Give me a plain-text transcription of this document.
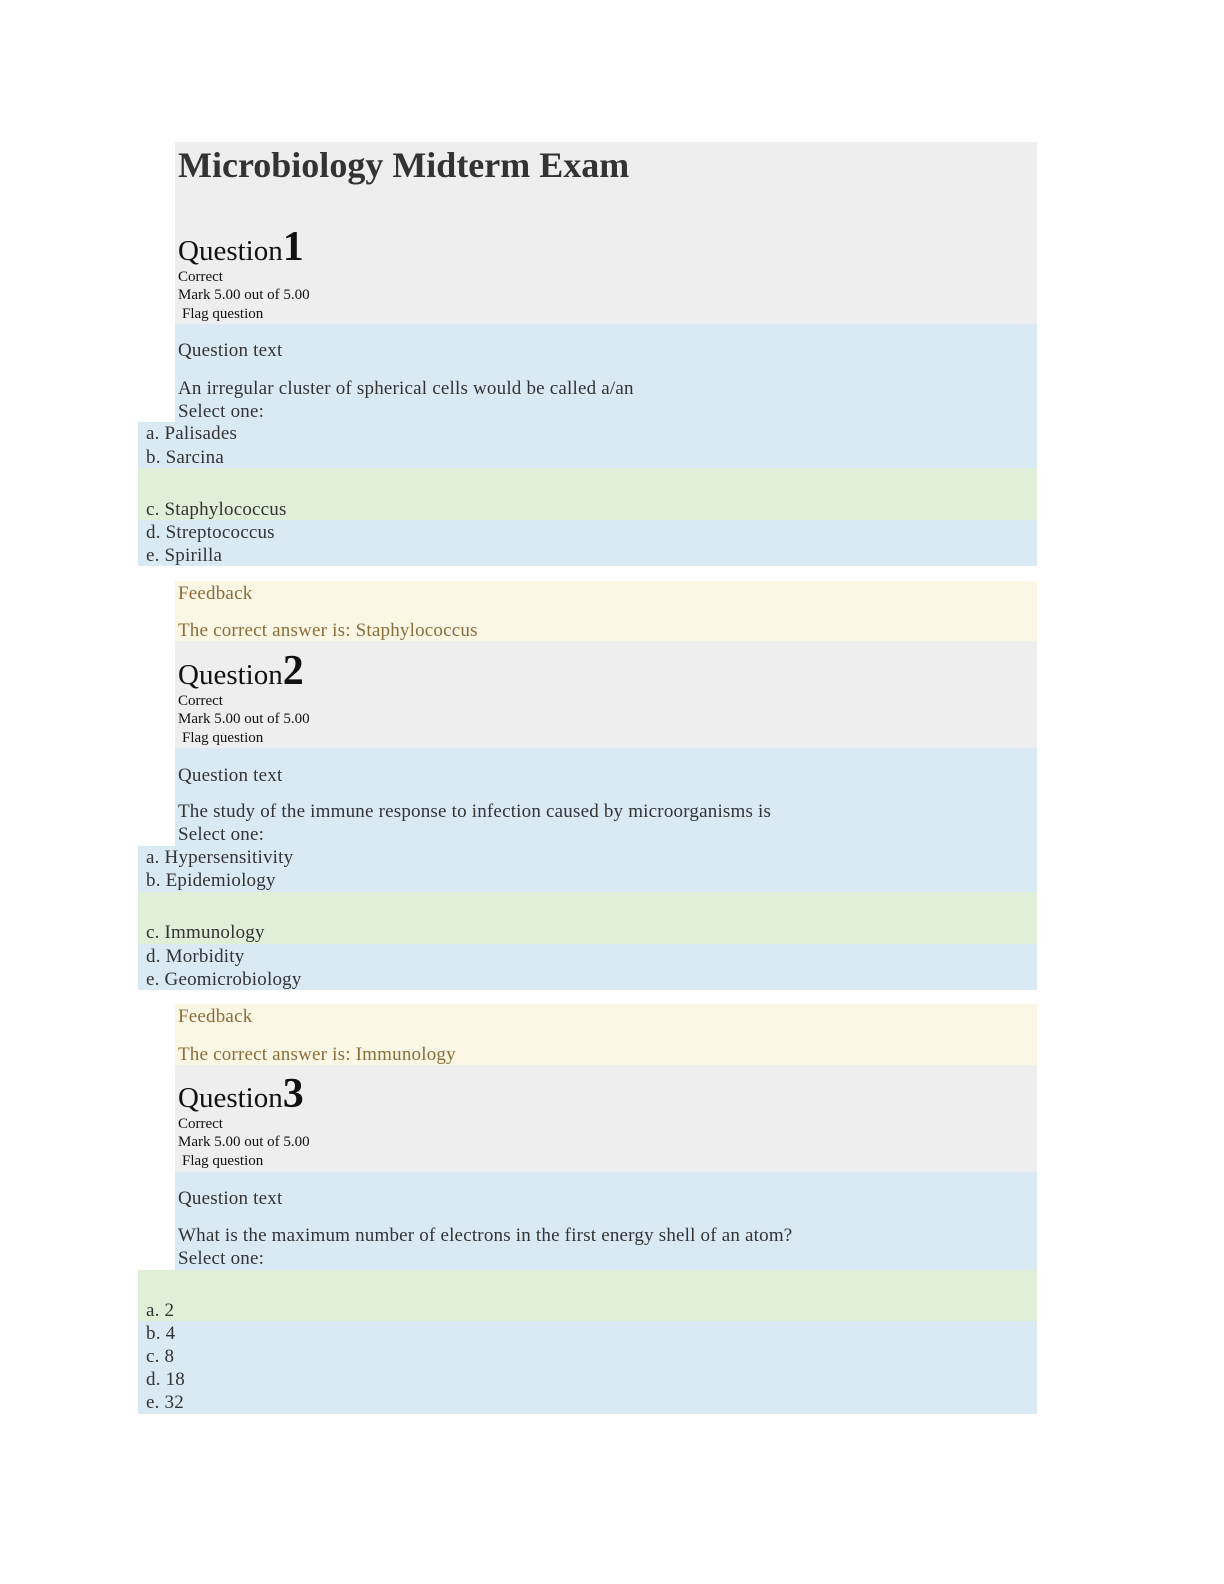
Microbiology Midterm Exam
Question1
Correct
Mark 5.00 out of 5.00
Flag question
Question text
An irregular cluster of spherical cells would be called a/an
Select one:
a. Palisades
b. Sarcina
c. Staphylococcus
d. Streptococcus
e. Spirilla
Feedback
The correct answer is: Staphylococcus
Question2
Correct
Mark 5.00 out of 5.00
Flag question
Question text
The study of the immune response to infection caused by microorganisms is
Select one:
a. Hypersensitivity
b. Epidemiology
c. Immunology
d. Morbidity
e. Geomicrobiology
Feedback
The correct answer is: Immunology
Question3
Correct
Mark 5.00 out of 5.00
Flag question
Question text
What is the maximum number of electrons in the first energy shell of an atom?
Select one:
a. 2
b. 4
c. 8
d. 18
e. 32
